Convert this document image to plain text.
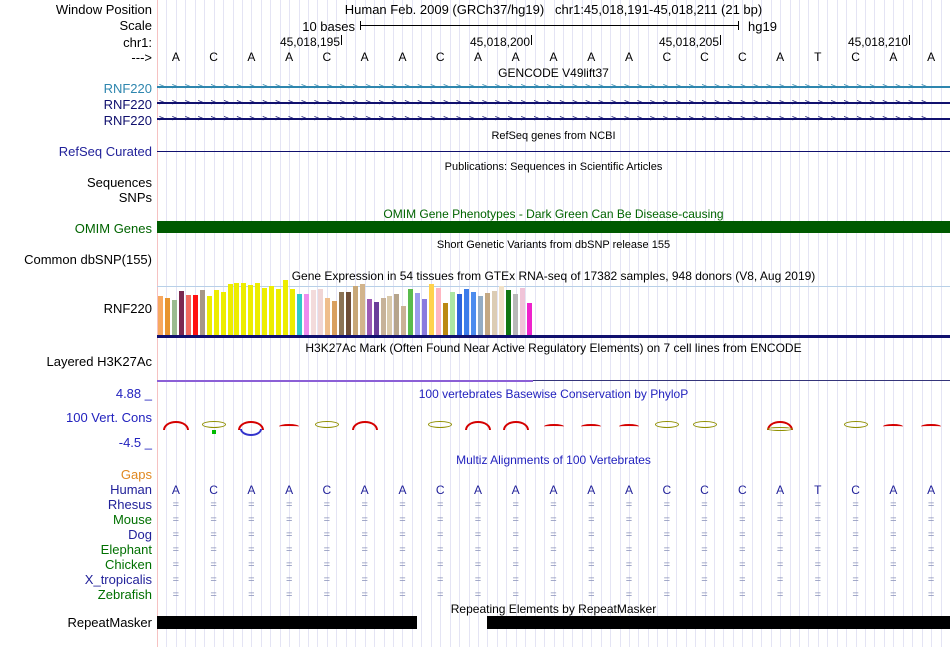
Window Position	Human Feb. 2009 (GRCh37/hg19)   chr1:45,018,191-45,018,211 (21 bp)
Scale	10 bases	hg19
chr1:	45,018,195	45,018,200	45,018,205	45,018,210
--->	A	C	A	A	C	A	A	C	A	A	A	A	A	C	C	C	A	T	C	A	A
GENCODE V49lift37
RNF220 >>>>>>>>>>>>>>>>>>>>>>>>>>>>>>>>>>>>>>>>>>>>>>>>>>>>>>>>>>>>
RNF220 >>>>>>>>>>>>>>>>>>>>>>>>>>>>>>>>>>>>>>>>>>>>>>>>>>>>>>>>>>>>
RNF220 >>>>>>>>>>>>>>>>>>>>>>>>>>>>>>>>>>>>>>>>>>>>>>>>>>>>>>>>>>>>
RefSeq genes from NCBI
RefSeq Curated
Publications: Sequences in Scientific Articles
Sequences
SNPs
OMIM Gene Phenotypes - Dark Green Can Be Disease-causing
OMIM Genes
Short Genetic Variants from dbSNP release 155
Common dbSNP(155)
Gene Expression in 54 tissues from GTEx RNA-seq of 17382 samples, 948 donors (V8, Aug 2019)
RNF220
H3K27Ac Mark (Often Found Near Active Regulatory Elements) on 7 cell lines from ENCODE
Layered H3K27Ac
4.88 _	100 vertebrates Basewise Conservation by PhyloP
100 Vert. Cons
-4.5 _
Multiz Alignments of 100 Vertebrates
Gaps
Human	A	C	A	A	C	A	A	C	A	A	A	A	A	C	C	C	A	T	C	A	A
Rhesus	=	=	=	=	=	=	=	=	=	=	=	=	=	=	=	=	=	=	=	=	=
Mouse	=	=	=	=	=	=	=	=	=	=	=	=	=	=	=	=	=	=	=	=	=
Dog	=	=	=	=	=	=	=	=	=	=	=	=	=	=	=	=	=	=	=	=	=
Elephant	=	=	=	=	=	=	=	=	=	=	=	=	=	=	=	=	=	=	=	=	=
Chicken	=	=	=	=	=	=	=	=	=	=	=	=	=	=	=	=	=	=	=	=	=
X_tropicalis	=	=	=	=	=	=	=	=	=	=	=	=	=	=	=	=	=	=	=	=	=
Zebrafish	=	=	=	=	=	=	=	=	=	=	=	=	=	=	=	=	=	=	=	=	=
Repeating Elements by RepeatMasker
RepeatMasker
